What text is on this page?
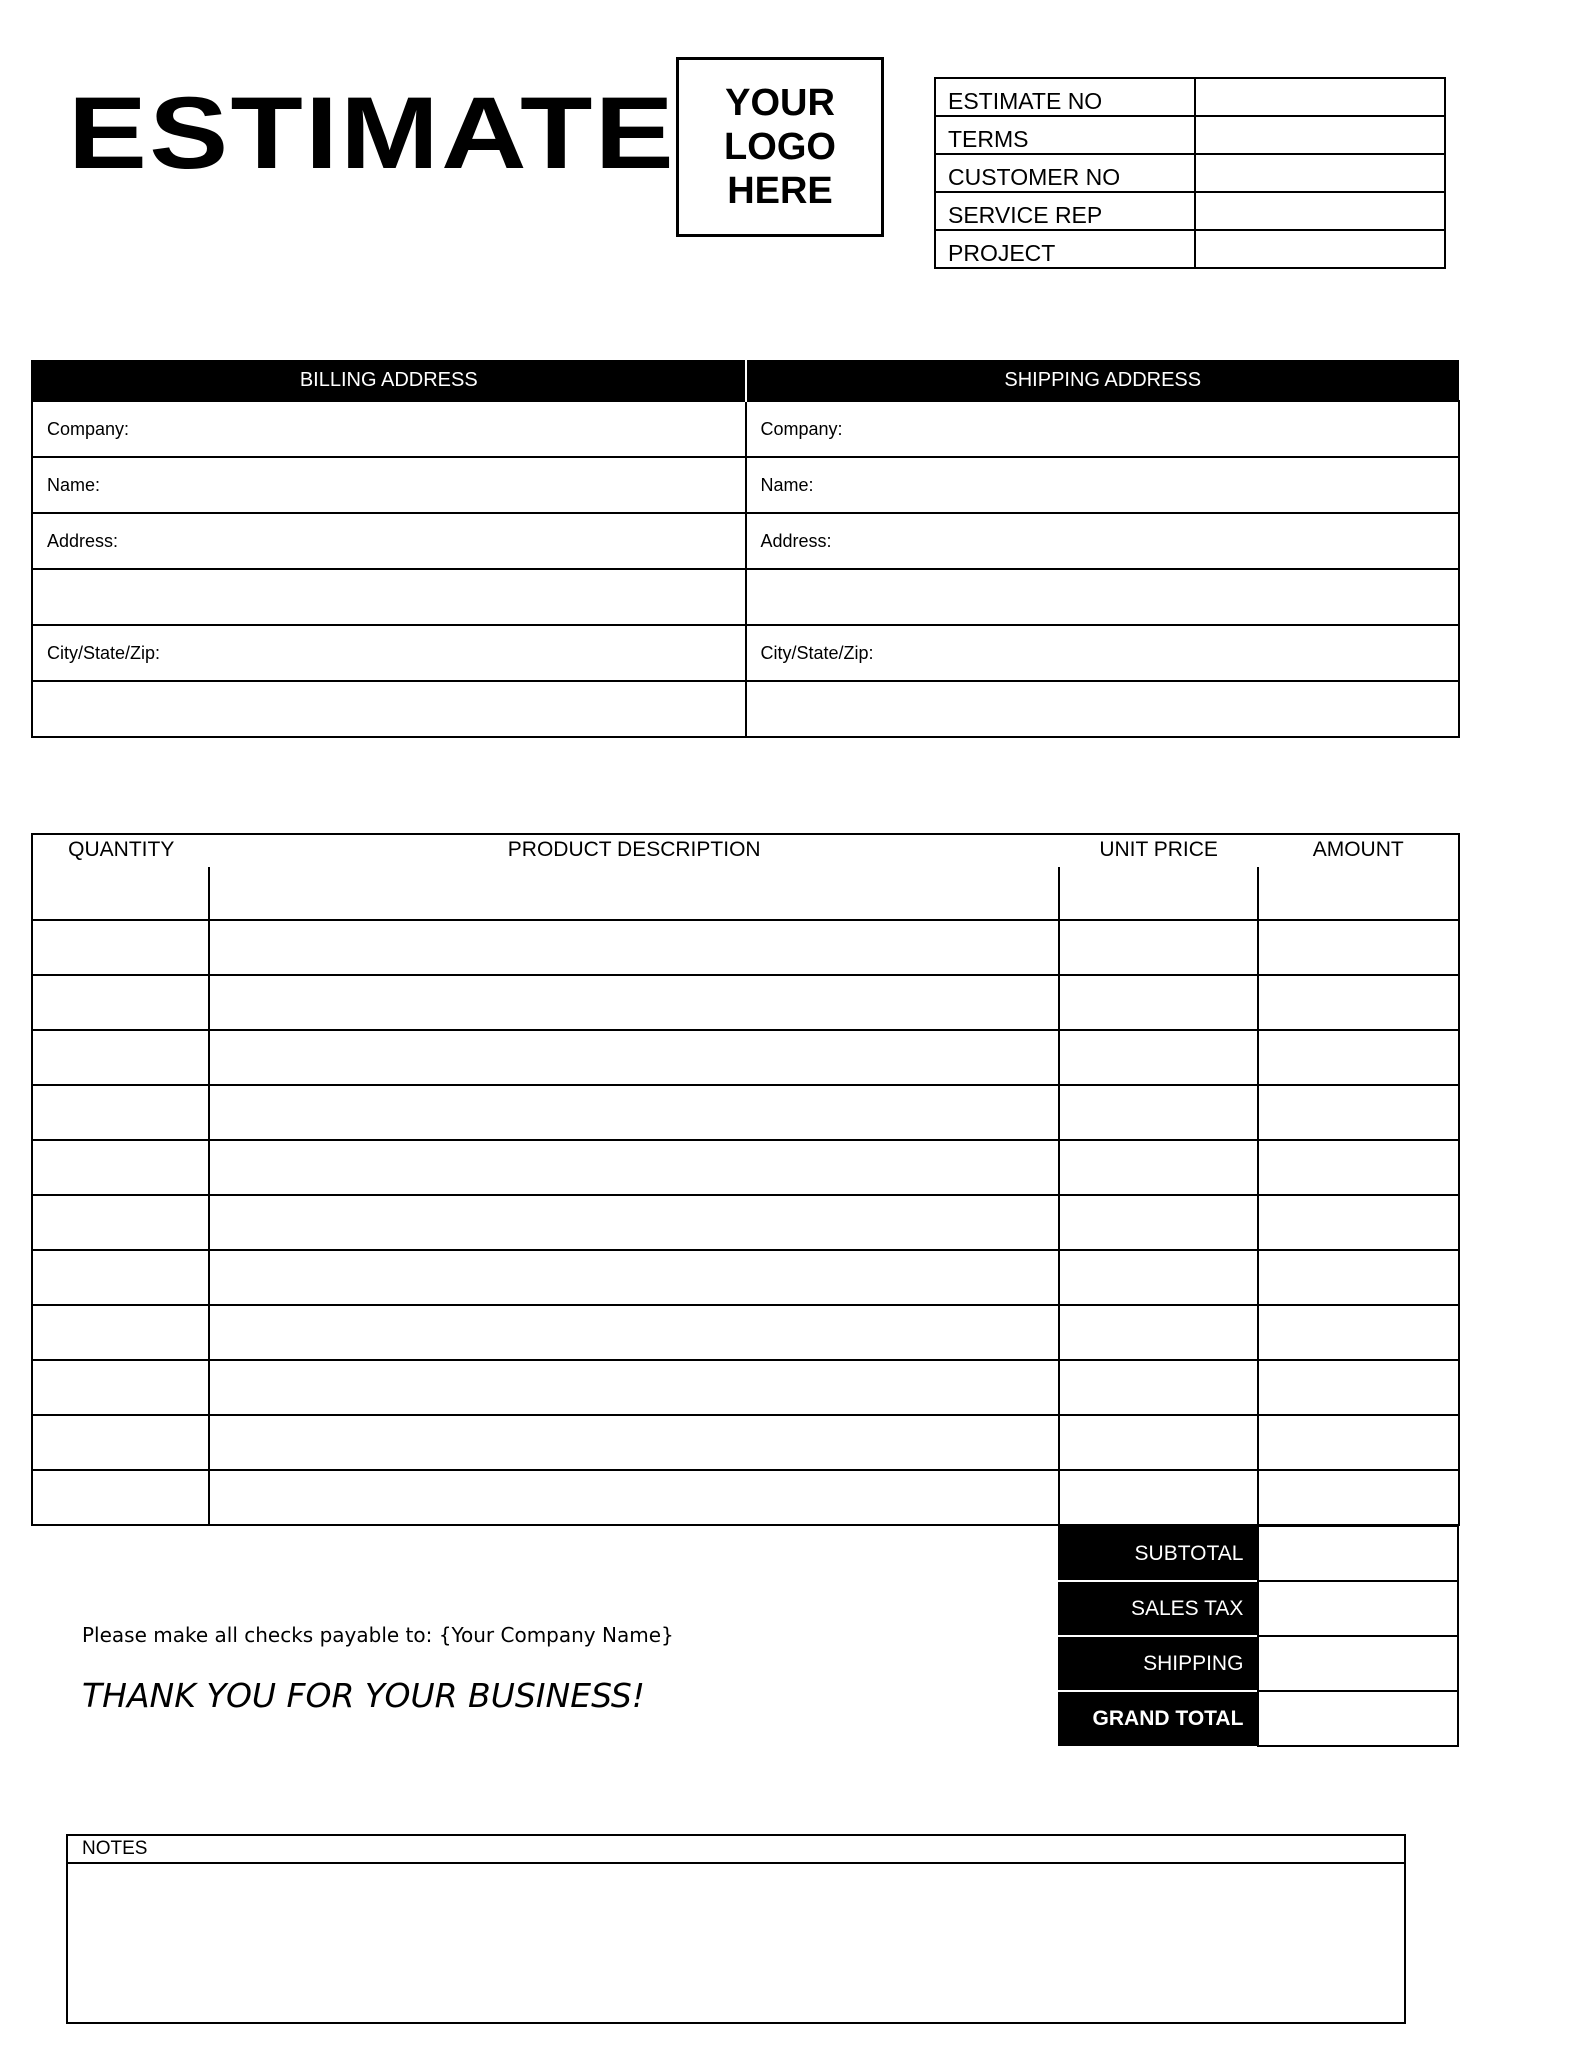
ESTIMATE YOUR
LOGO
HERE
ESTIMATE NO	
TERMS	
CUSTOMER NO	
SERVICE REP	
PROJECT	
BILLING ADDRESS	SHIPPING ADDRESS
Company:	Company:
Name:	Name:
Address:	Address:

City/State/Zip:	City/State/Zip:

QUANTITY	PRODUCT DESCRIPTION	UNIT PRICE	AMOUNT

SUBTOTAL	
SALES TAX	
SHIPPING	
GRAND TOTAL	
Please make all checks payable to: {Your Company Name}
THANK YOU FOR YOUR BUSINESS!
NOTES
